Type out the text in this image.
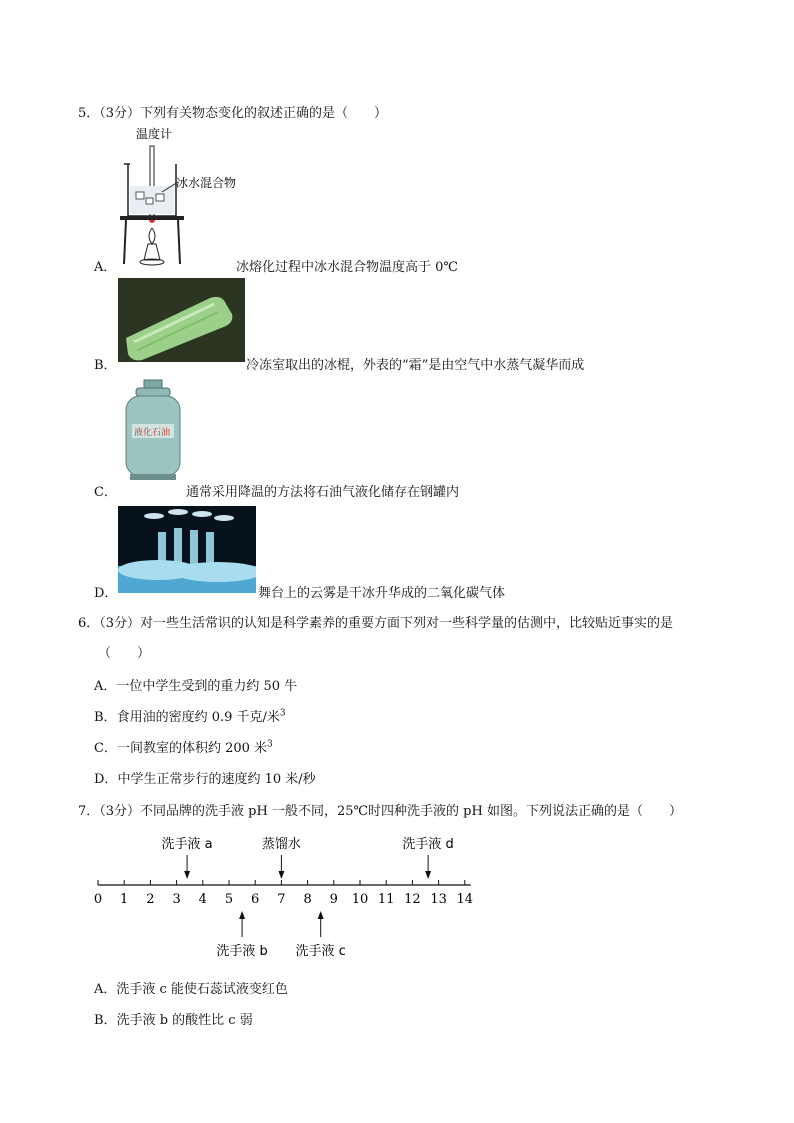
5．（3分）下列有关物态变化的叙述正确的是（　　）
温度计
冰水混合物
A．	冰熔化过程中冰水混合物温度高于 0℃
B．	冷冻室取出的冰棍，外表的“霜”是由空气中水蒸气凝华而成
液化石油
C．	通常采用降温的方法将石油气液化储存在钢罐内
D．	舞台上的云雾是干冰升华成的二氧化碳气体
6．（3分）对一些生活常识的认知是科学素养的重要方面下列对一些科学量的估测中，比较贴近事实的是
（　　）
A．一位中学生受到的重力约 50 牛
B．食用油的密度约 0.9 千克/米$^3$
C．一间教室的体积约 200 米$^3$
D．中学生正常步行的速度约 10 米/秒
7．（3分）不同品牌的洗手液 pH 一般不同，25℃时四种洗手液的 pH 如图。下列说法正确的是（　　）
0 1 2 3 4 5 6 7 8 9 10 11 12 13 14
洗手液 a	蒸馏水	洗手液 d
洗手液 b 洗手液 c
A．洗手液 c 能使石蕊试液变红色
B．洗手液 b 的酸性比 c 弱
